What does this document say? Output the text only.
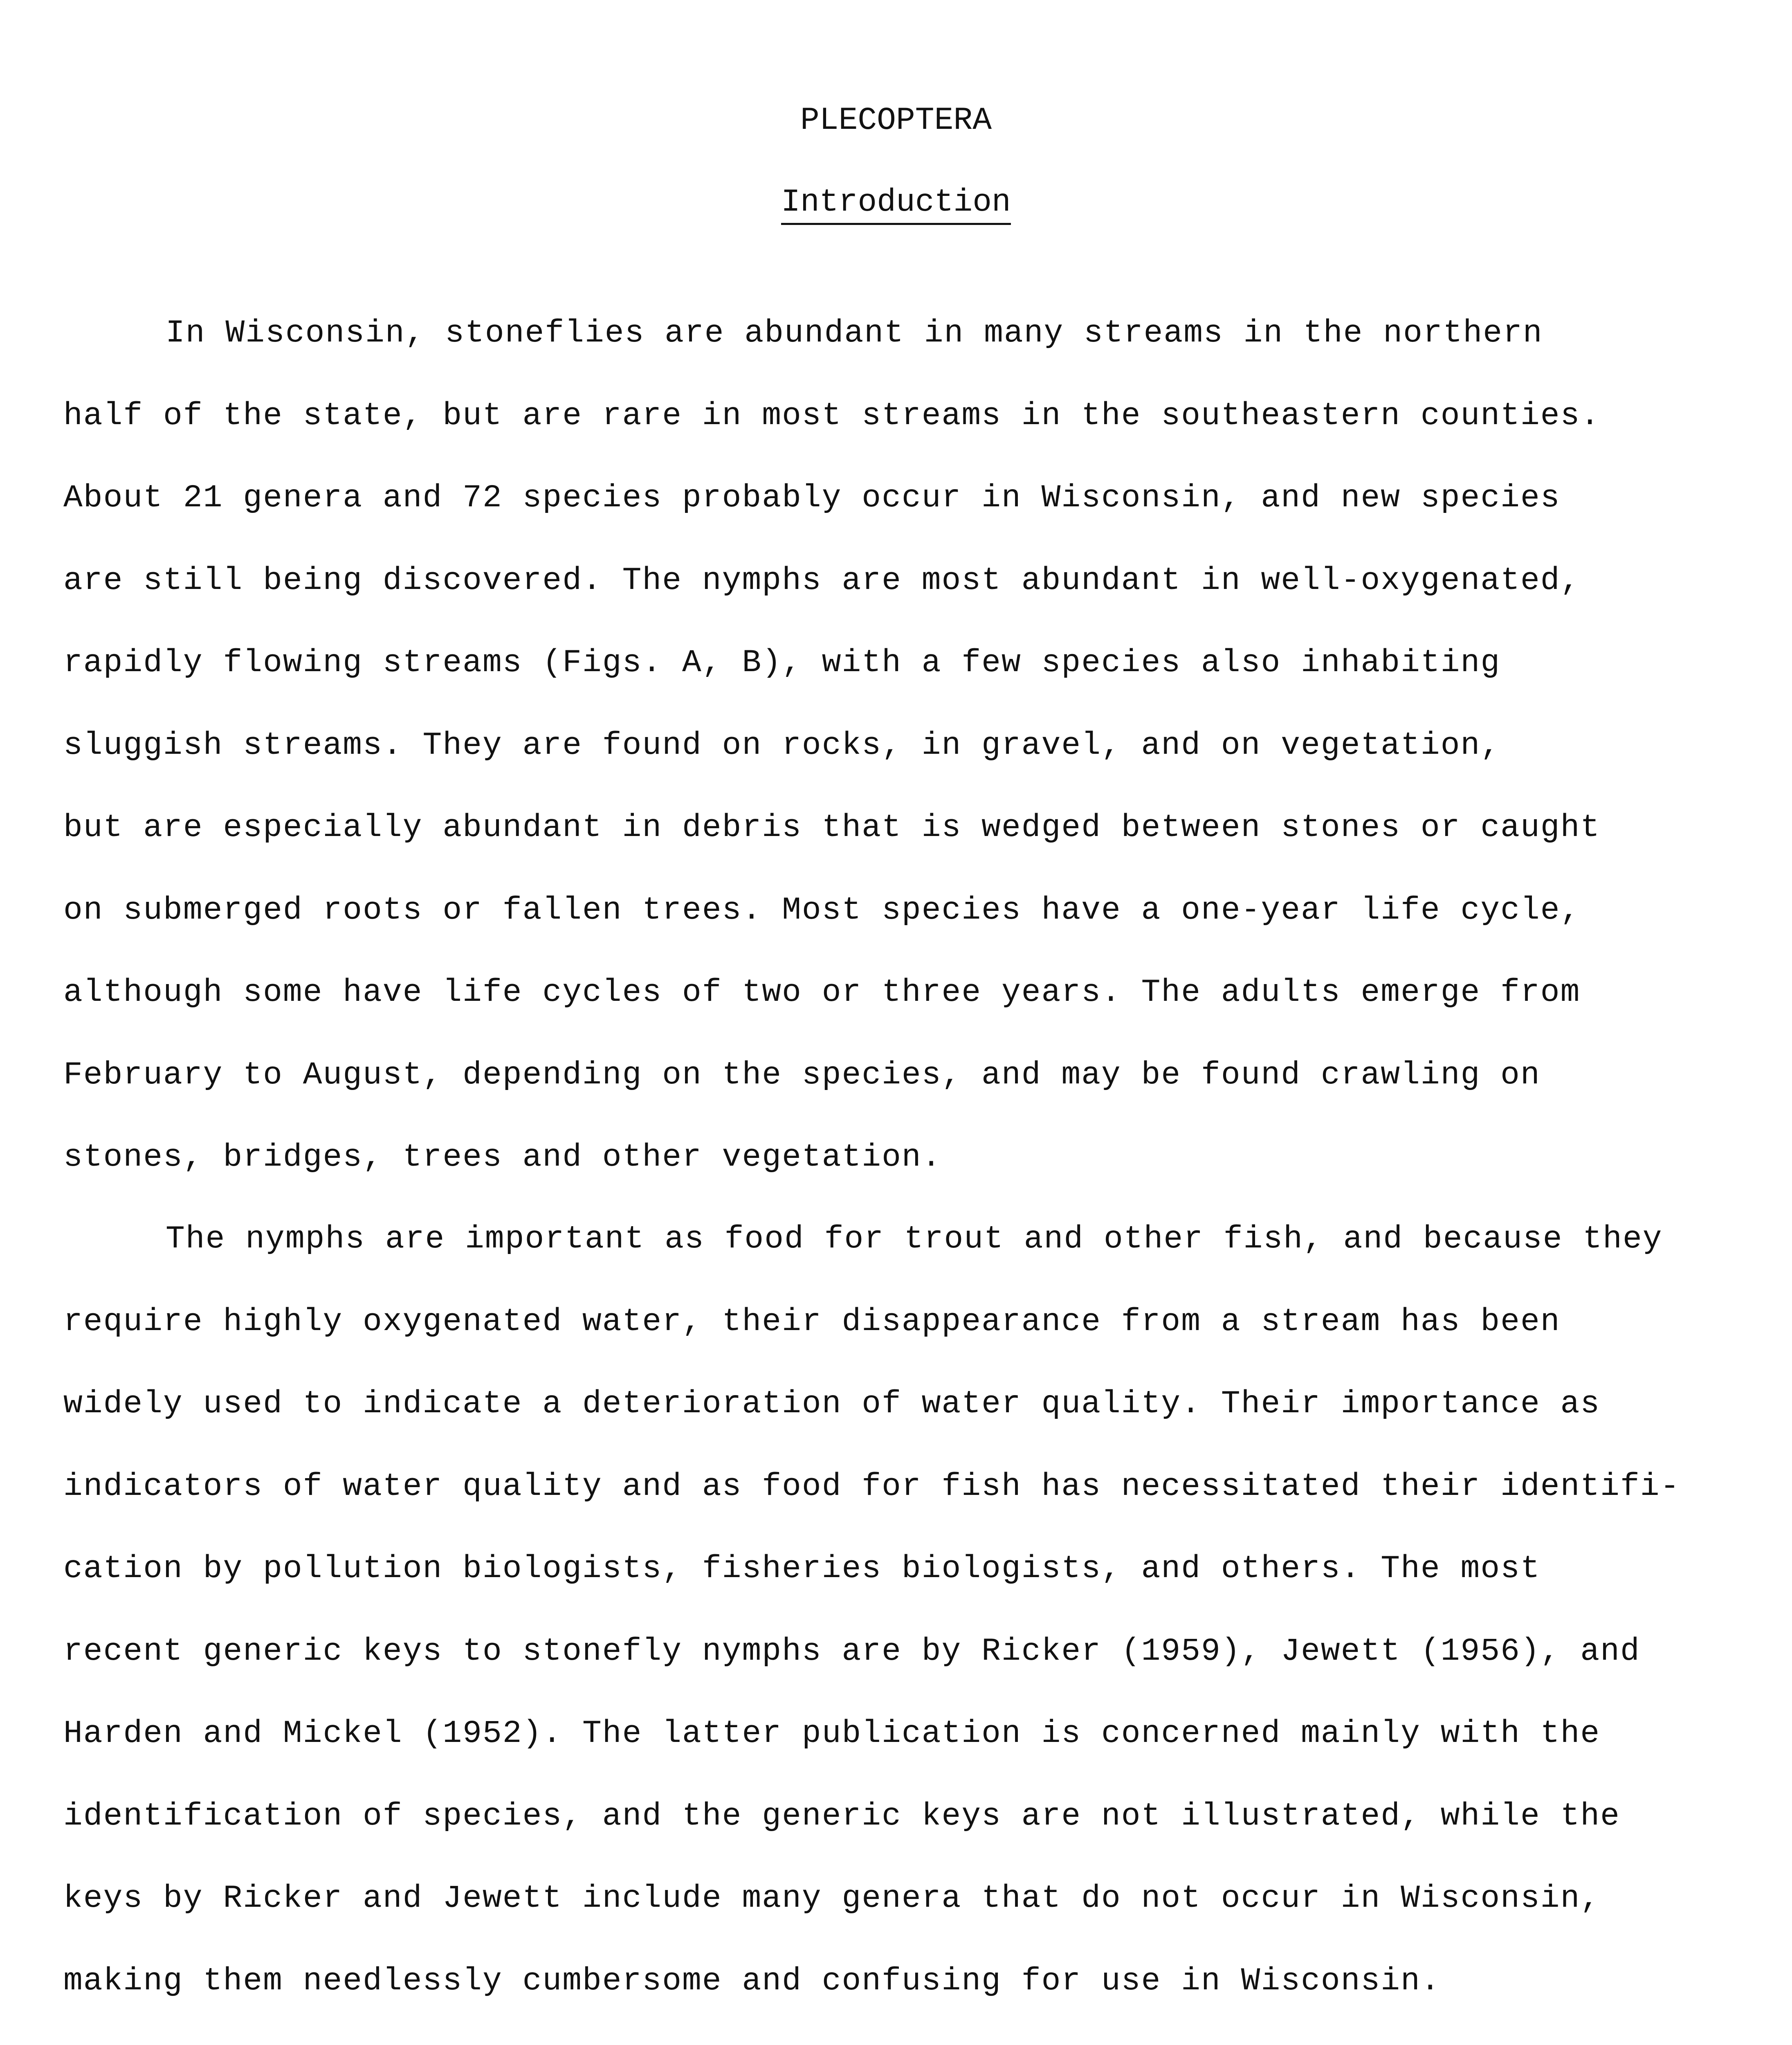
PLECOPTERA
Introduction

In Wisconsin, stoneflies are abundant in many streams in the northern
half of the state, but are rare in most streams in the southeastern counties.
About 21 genera and 72 species probably occur in Wisconsin, and new species
are still being discovered. The nymphs are most abundant in well-oxygenated,
rapidly flowing streams (Figs. A, B), with a few species also inhabiting
sluggish streams. They are found on rocks, in gravel, and on vegetation,
but are especially abundant in debris that is wedged between stones or caught
on submerged roots or fallen trees. Most species have a one-year life cycle,
although some have life cycles of two or three years. The adults emerge from
February to August, depending on the species, and may be found crawling on
stones, bridges, trees and other vegetation.

The nymphs are important as food for trout and other fish, and because they
require highly oxygenated water, their disappearance from a stream has been
widely used to indicate a deterioration of water quality. Their importance as
indicators of water quality and as food for fish has necessitated their identifi-
cation by pollution biologists, fisheries biologists, and others. The most
recent generic keys to stonefly nymphs are by Ricker (1959), Jewett (1956), and
Harden and Mickel (1952). The latter publication is concerned mainly with the
identification of species, and the generic keys are not illustrated, while the
keys by Ricker and Jewett include many genera that do not occur in Wisconsin,
making them needlessly cumbersome and confusing for use in Wisconsin.
